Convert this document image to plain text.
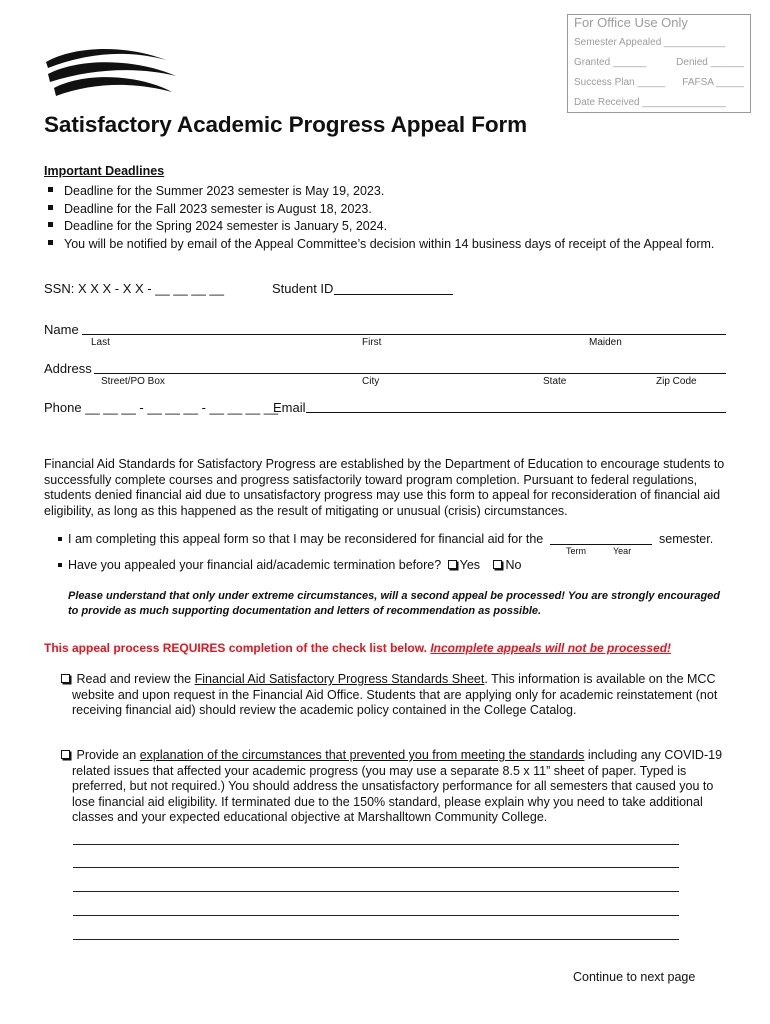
For Office Use Only
Semester Appealed ___________
Granted ______	Denied ______
Success Plan _____ FAFSA _____
Date Received _______________
Satisfactory Academic Progress Appeal Form
Important Deadlines
Deadline for the Summer 2023 semester is May 19, 2023.
Deadline for the Fall 2023 semester is August 18, 2023.
Deadline for the Spring 2024 semester is January 5, 2024.
You will be notified by email of the Appeal Committee’s decision within 14 business days of receipt of the Appeal form.
SSN: X X X - X X - __ __ __ __	Student ID
Name
Last	First	Maiden
Address
Street/PO Box	City	State	Zip Code
Phone __ __ __ - __ __ __ - __ __ __ __
Email
Financial Aid Standards for Satisfactory Progress are established by the Department of Education to encourage students to successfully complete courses and progress satisfactorily toward program completion. Pursuant to federal regulations, students denied financial aid due to unsatisfactory progress may use this form to appeal for reconsideration of financial aid eligibility, as long as this happened as the result of mitigating or unusual (crisis) circumstances.
I am completing this appeal form so that I may be reconsidered for financial aid for the	semester.
Term	Year
Have you appealed your financial aid/academic termination before? Yes No
Please understand that only under extreme circumstances, will a second appeal be processed! You are strongly encouraged to provide as much supporting documentation and letters of recommendation as possible.
This appeal process REQUIRES completion of the check list below. Incomplete appeals will not be processed!
Read and review the Financial Aid Satisfactory Progress Standards Sheet. This information is available on the MCC
website and upon request in the Financial Aid Office. Students that are applying only for academic reinstatement (not
receiving financial aid) should review the academic policy contained in the College Catalog.
Provide an explanation of the circumstances that prevented you from meeting the standards including any COVID-19
related issues that affected your academic progress (you may use a separate 8.5 x 11” sheet of paper. Typed is
preferred, but not required.) You should address the unsatisfactory performance for all semesters that caused you to
lose financial aid eligibility. If terminated due to the 150% standard, please explain why you need to take additional
classes and your expected educational objective at Marshalltown Community College.
Continue to next page
